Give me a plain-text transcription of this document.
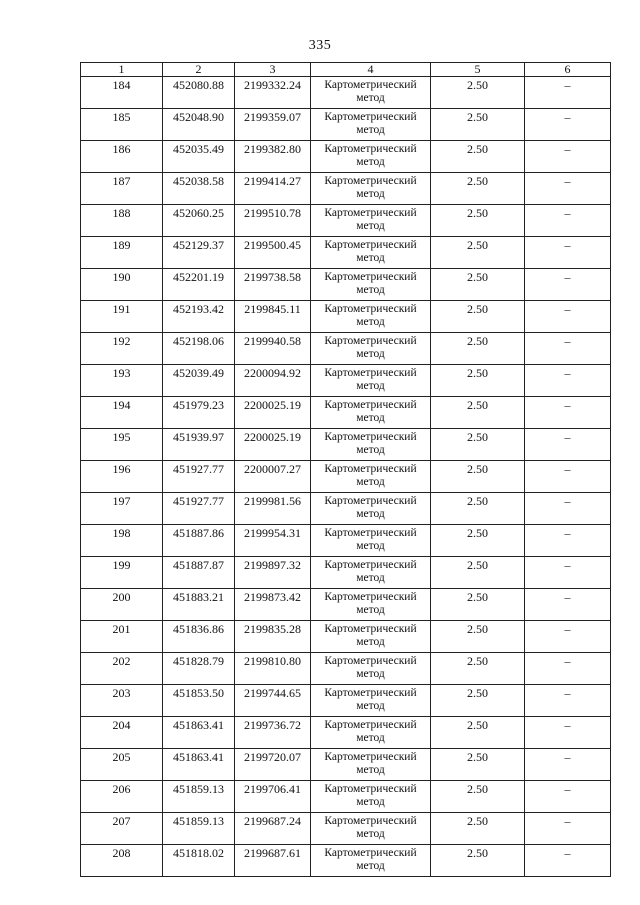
335
1	2	3	4	5	6
184	452080.88	2199332.24	Картометрический метод	2.50	–
185	452048.90	2199359.07	Картометрический метод	2.50	–
186	452035.49	2199382.80	Картометрический метод	2.50	–
187	452038.58	2199414.27	Картометрический метод	2.50	–
188	452060.25	2199510.78	Картометрический метод	2.50	–
189	452129.37	2199500.45	Картометрический метод	2.50	–
190	452201.19	2199738.58	Картометрический метод	2.50	–
191	452193.42	2199845.11	Картометрический метод	2.50	–
192	452198.06	2199940.58	Картометрический метод	2.50	–
193	452039.49	2200094.92	Картометрический метод	2.50	–
194	451979.23	2200025.19	Картометрический метод	2.50	–
195	451939.97	2200025.19	Картометрический метод	2.50	–
196	451927.77	2200007.27	Картометрический метод	2.50	–
197	451927.77	2199981.56	Картометрический метод	2.50	–
198	451887.86	2199954.31	Картометрический метод	2.50	–
199	451887.87	2199897.32	Картометрический метод	2.50	–
200	451883.21	2199873.42	Картометрический метод	2.50	–
201	451836.86	2199835.28	Картометрический метод	2.50	–
202	451828.79	2199810.80	Картометрический метод	2.50	–
203	451853.50	2199744.65	Картометрический метод	2.50	–
204	451863.41	2199736.72	Картометрический метод	2.50	–
205	451863.41	2199720.07	Картометрический метод	2.50	–
206	451859.13	2199706.41	Картометрический метод	2.50	–
207	451859.13	2199687.24	Картометрический метод	2.50	–
208	451818.02	2199687.61	Картометрический метод	2.50	–
